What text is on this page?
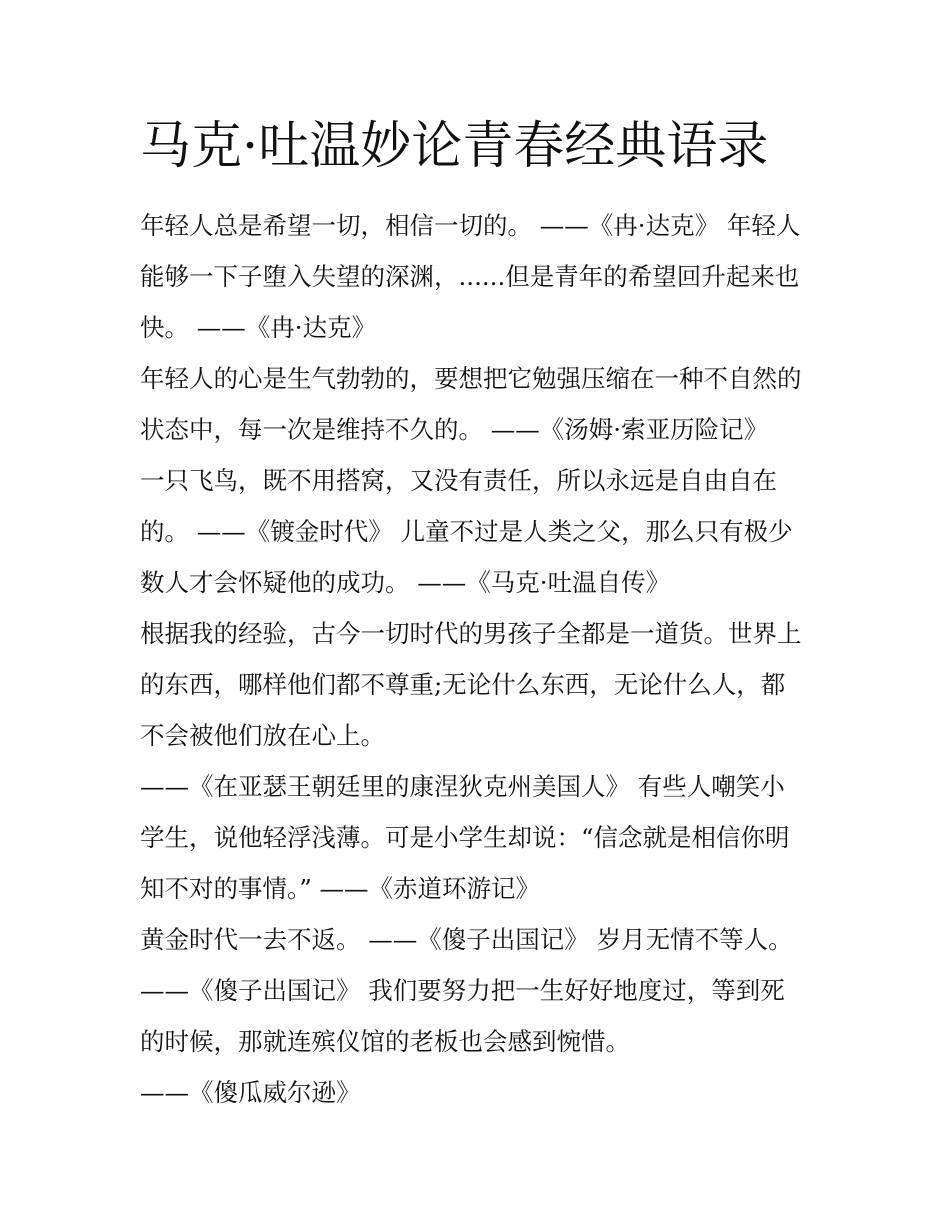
马克·吐温妙论青春经典语录
年轻人总是希望一切，相信一切的。 ——《冉·达克》 年轻人
能够一下子堕入失望的深渊，......但是青年的希望回升起来也
快。 ——《冉·达克》
年轻人的心是生气勃勃的，要想把它勉强压缩在一种不自然的
状态中，每一次是维持不久的。 ——《汤姆·索亚历险记》
一只飞鸟，既不用搭窝，又没有责任，所以永远是自由自在
的。 ——《镀金时代》 儿童不过是人类之父，那么只有极少
数人才会怀疑他的成功。 ——《马克·吐温自传》
根据我的经验，古今一切时代的男孩子全都是一道货。世界上
的东西，哪样他们都不尊重;无论什么东西，无论什么人，都
不会被他们放在心上。
——《在亚瑟王朝廷里的康涅狄克州美国人》 有些人嘲笑小
学生，说他轻浮浅薄。可是小学生却说：“信念就是相信你明
知不对的事情。” ——《赤道环游记》
黄金时代一去不返。 ——《傻子出国记》 岁月无情不等人。
——《傻子出国记》 我们要努力把一生好好地度过，等到死
的时候，那就连殡仪馆的老板也会感到惋惜。
——《傻瓜威尔逊》
